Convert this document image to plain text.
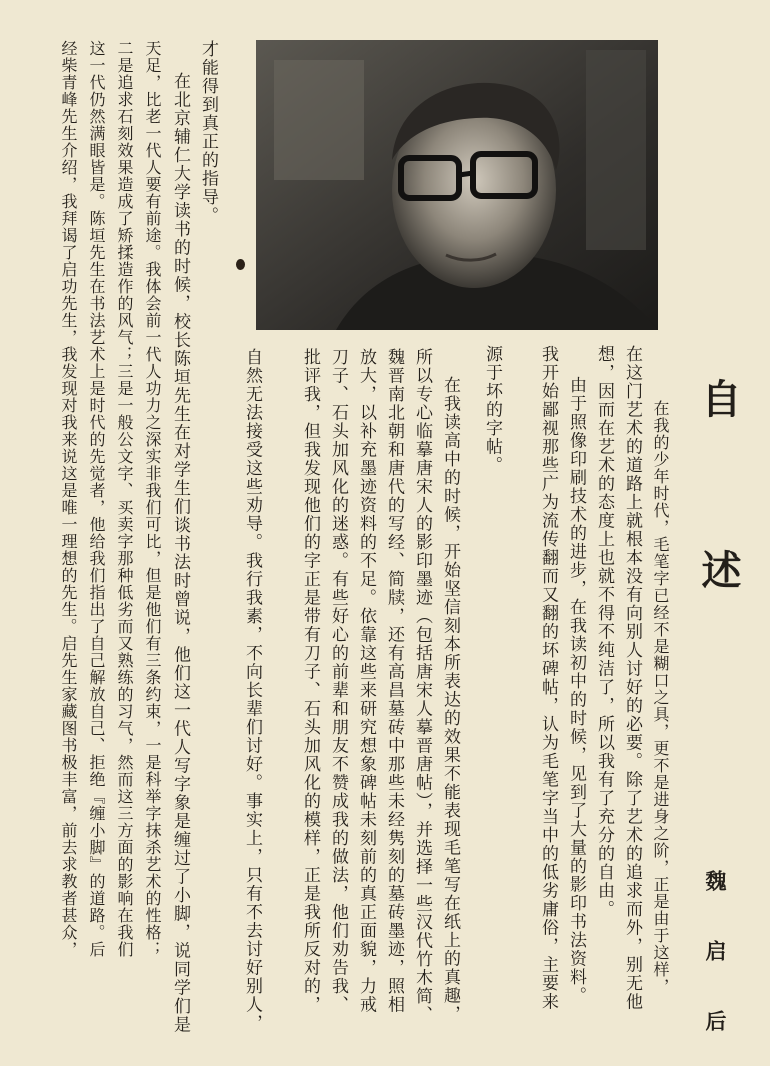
自 述
魏 启 后
在我的少年时代，毛笔字已经不是糊口之具，更不是进身之阶，正是由于这样，
在这门艺术的道路上就根本没有向别人讨好的必要。除了艺术的追求而外，别无他
想，因而在艺术的态度上也就不得不纯洁了，所以我有了充分的自由。
由于照像印刷技术的进步，在我读初中的时候，见到了大量的影印书法资料。
我开始鄙视那些广为流传翻而又翻的坏碑帖，认为毛笔字当中的低劣庸俗，主要来
源于坏的字帖。
在我读高中的时候，开始坚信刻本所表达的效果不能表现毛笔写在纸上的真趣，
所以专心临摹唐宋人的影印墨迹（包括唐宋人摹晋唐帖），并选择一些汉代竹木简、
魏晋南北朝和唐代的写经、简牍，还有高昌墓砖中那些未经隽刻的墓砖墨迹，照相
放大，以补充墨迹资料的不足。依靠这些来研究想象碑帖未刻前的真正面貌，力戒
刀子、石头加风化的迷惑。有些好心的前辈和朋友不赞成我的做法，他们劝告我、
批评我，但我发现他们的字正是带有刀子、石头加风化的模样，正是我所反对的，
自然无法接受这些劝导。我行我素，不向长辈们讨好。事实上，只有不去讨好别人，
才能得到真正的指导。
在北京辅仁大学读书的时候，校长陈垣先生在对学生们谈书法时曾说，他们这一代人写字象是缠过了小脚，说同学们是
天足，比老一代人要有前途。我体会前一代人功力之深实非我们可比，但是他们有三条约束，一是科举字抹杀艺术的性格；
二是追求石刻效果造成了矫揉造作的风气；三是一般公文字、买卖字那种低劣而又熟练的习气，然而这三方面的影响在我们
这一代仍然满眼皆是。陈垣先生在书法艺术上是时代的先觉者，他给我们指出了自己解放自己、拒绝『缠小脚』的道路。后
经柴青峰先生介绍，我拜谒了启功先生，我发现对我来说这是唯一理想的先生。启先生家藏图书极丰富，前去求教者甚众，
